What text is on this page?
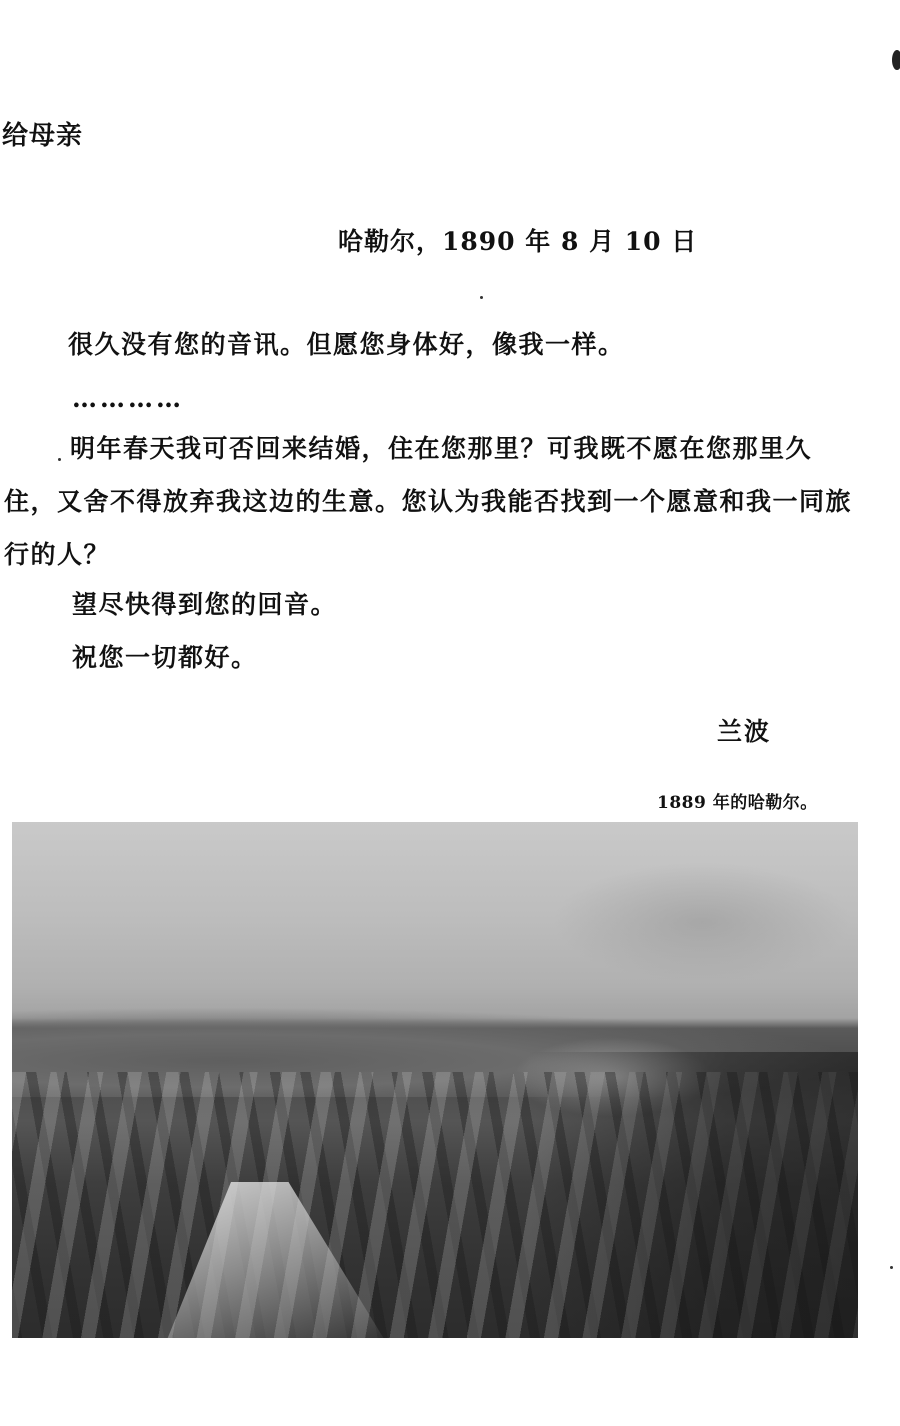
给母亲
哈勒尔，1890 年 8 月 10 日
很久没有您的音讯。但愿您身体好，像我一样。
…………
明年春天我可否回来结婚，住在您那里？可我既不愿在您那里久住，又舍不得放弃我这边的生意。您认为我能否找到一个愿意和我一同旅行的人？
望尽快得到您的回音。
祝您一切都好。
兰波
1889 年的哈勒尔。
